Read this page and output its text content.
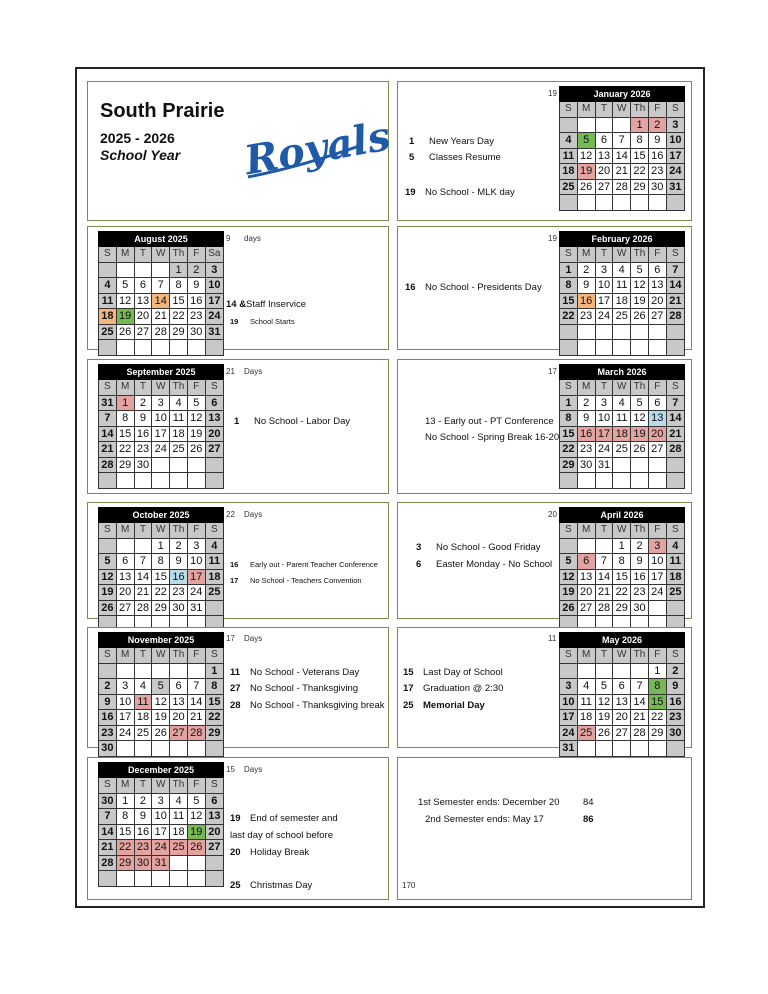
South Prairie
2025 - 2026
School Year Royals
August 2025						
S	M	T	W	Th	F	Sa
				1	2	3
4	5	6	7	8	9	10
11	12	13	14	15	16	17
18	19	20	21	22	23	24
25	26	27	28	29	30	31

9 days
14 &Staff Inservice
19 School Starts
September 2025						
S	M	T	W	Th	F	S
31	1	2	3	4	5	6
7	8	9	10	11	12	13
14	15	16	17	18	19	20
21	22	23	24	25	26	27
28	29	30				

21 Days
1 No School - Labor Day
October 2025						
S	M	T	W	Th	F	S
			1	2	3	4
5	6	7	8	9	10	11
12	13	14	15	16	17	18
19	20	21	22	23	24	25
26	27	28	29	30	31	

22 Days
16 Early out - Parent Teacher Conference
17 No School - Teachers Convention
November 2025						
S	M	T	W	Th	F	S
						1
2	3	4	5	6	7	8
9	10	11	12	13	14	15
16	17	18	19	20	21	22
23	24	25	26	27	28	29
30						
17 Days
11 No School - Veterans Day
27 No School - Thanksgiving
28 No School - Thanksgiving break
December 2025						
S	M	T	W	Th	F	S
30	1	2	3	4	5	6
7	8	9	10	11	12	13
14	15	16	17	18	19	20
21	22	23	24	25	26	27
28	29	30	31			

15 Days
19 End of semester and
last day of school before
20 Holiday Break
25 Christmas Day
January 2026						
S	M	T	W	Th	F	S
				1	2	3
4	5	6	7	8	9	10
11	12	13	14	15	16	17
18	19	20	21	22	23	24
25	26	27	28	29	30	31

19
1 New Years Day
5 Classes Resume
19 No School - MLK day
February 2026						
S	M	T	W	Th	F	S
1	2	3	4	5	6	7
8	9	10	11	12	13	14
15	16	17	18	19	20	21
22	23	24	25	26	27	28

19
16 No School - Presidents Day
March 2026						
S	M	T	W	Th	F	S
1	2	3	4	5	6	7
8	9	10	11	12	13	14
15	16	17	18	19	20	21
22	23	24	25	26	27	28
29	30	31				

17
13 - Early out - PT Conference
No School - Spring Break 16-20
April 2026						
S	M	T	W	Th	F	S
			1	2	3	4
5	6	7	8	9	10	11
12	13	14	15	16	17	18
19	20	21	22	23	24	25
26	27	28	29	30		

20
3 No School - Good Friday
6 Easter Monday - No School
May 2026						
S	M	T	W	Th	F	S
					1	2
3	4	5	6	7	8	9
10	11	12	13	14	15	16
17	18	19	20	21	22	23
24	25	26	27	28	29	30
31						
11
15 Last Day of School
17 Graduation @ 2:30
25 Memorial Day
1st Semester ends: December 20 84
2nd Semester ends: May 17	86
170
